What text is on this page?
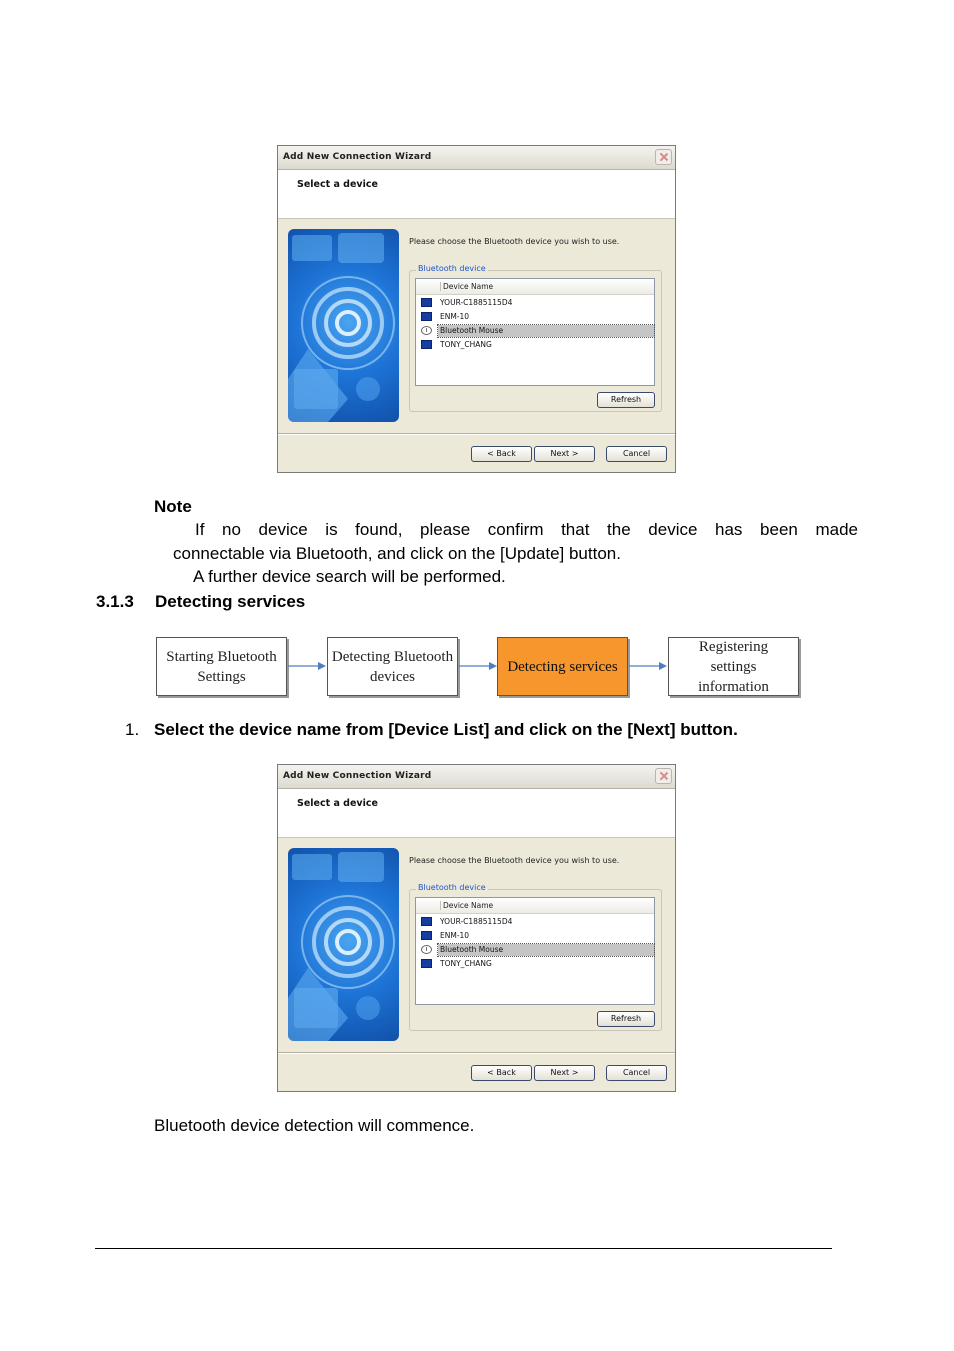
Add New Connection Wizard
Select a device
Please choose the Bluetooth device you wish to use.
Bluetooth device
Device Name
YOUR-C1885115D4
ENM-10
Bluetooth Mouse
TONY_CHANG
Refresh
< Back	Next >	Cancel
Note
If no device is found, please confirm that the device has been made
connectable via Bluetooth, and click on the [Update] button.
A further device search will be performed.
3.1.3 Detecting services
Starting Bluetooth Settings
Detecting Bluetooth devices
Detecting services
Registering settings information
1. Select the device name from [Device List] and click on the [Next] button.
Add New Connection Wizard
Select a device
Please choose the Bluetooth device you wish to use.
Bluetooth device
Device Name
YOUR-C1885115D4
ENM-10
Bluetooth Mouse
TONY_CHANG
Refresh
< Back	Next >	Cancel
Bluetooth device detection will commence.
